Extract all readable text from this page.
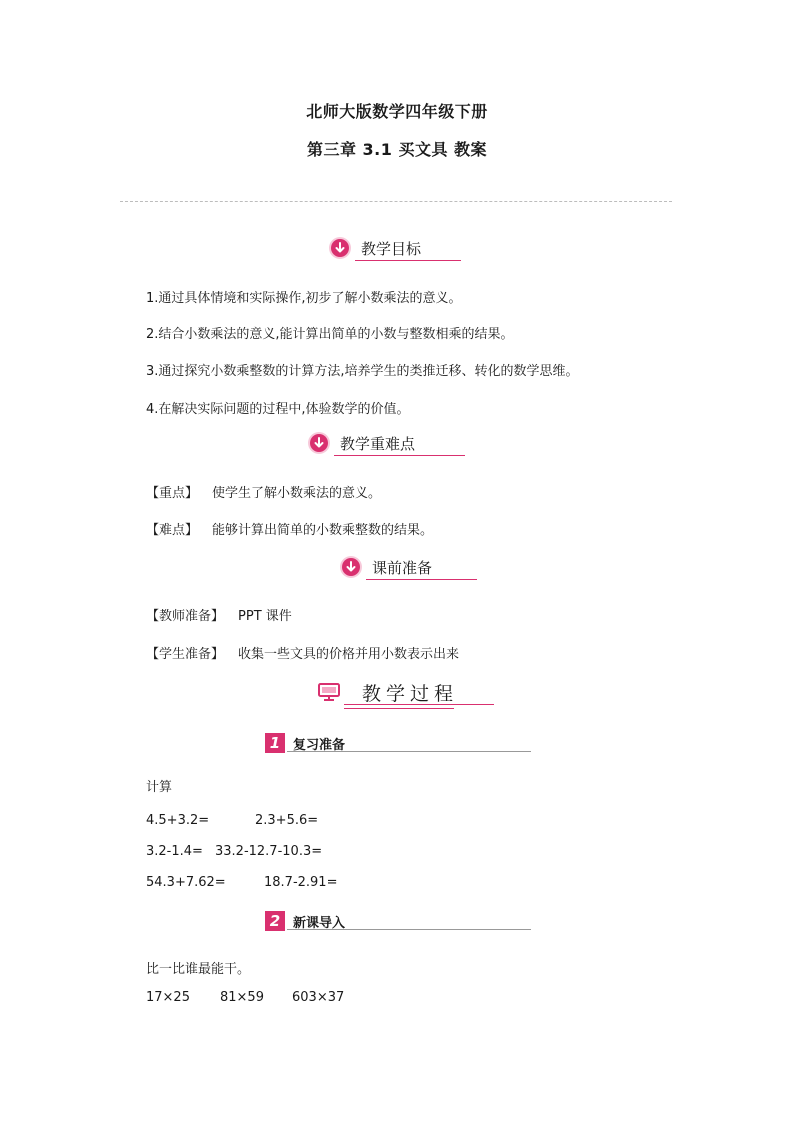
北师大版数学四年级下册
第三章 3.1 买文具 教案
教学目标
1.通过具体情境和实际操作,初步了解小数乘法的意义。
2.结合小数乘法的意义,能计算出简单的小数与整数相乘的结果。
3.通过探究小数乘整数的计算方法,培养学生的类推迁移、转化的数学思维。
4.在解决实际问题的过程中,体验数学的价值。
教学重难点
【重点】 使学生了解小数乘法的意义。
【难点】 能够计算出简单的小数乘整数的结果。
课前准备
【教师准备】 PPT 课件
【学生准备】 收集一些文具的价格并用小数表示出来
教学过程
1 复习准备
计算
4.5+3.2=	2.3+5.6=
3.2-1.4= 33.2-12.7-10.3=
54.3+7.62=	18.7-2.91=
2 新课导入
比一比谁最能干。
17×25 81×59 603×37
